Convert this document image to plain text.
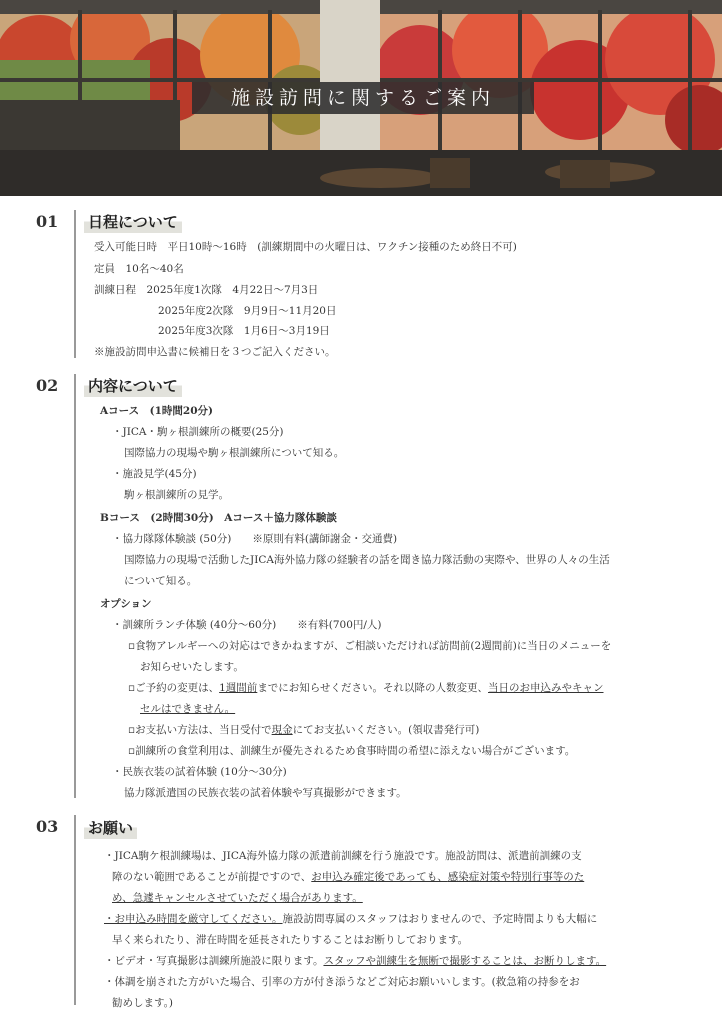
施設訪問に関するご案内
01 日程について
受入可能日時　平日10時～16時　(訓練期間中の火曜日は、ワクチン接種のため終日不可)
定員　10名～40名
訓練日程　2025年度1次隊　4月22日～7月3日
2025年度2次隊　9月9日～11月20日
2025年度3次隊　1月6日～3月19日
※施設訪問申込書に候補日を３つご記入ください。
02 内容について
Aコース　(1時間20分)
・JICA・駒ヶ根訓練所の概要(25分)
国際協力の現場や駒ヶ根訓練所について知る。
・施設見学(45分)
駒ヶ根訓練所の見学。
Bコース　(2時間30分)　Aコース＋協力隊体験談
・協力隊隊体験談 (50分)　　※原則有料(講師謝金・交通費)
国際協力の現場で活動したJICA海外協力隊の経験者の話を聞き協力隊活動の実際や、世界の人々の生活
について知る。
オプション
・訓練所ランチ体験 (40分～60分)　　※有料(700円/人)
▫食物アレルギーへの対応はできかねますが、ご相談いただければ訪問前(2週間前)に当日のメニューを
お知らせいたします。
▫ご予約の変更は、1週間前までにお知らせください。それ以降の人数変更、当日のお申込みやキャン
セルはできません。
▫お支払い方法は、当日受付で現金にてお支払いください。(領収書発行可)
▫訓練所の食堂利用は、訓練生が優先されるため食事時間の希望に添えない場合がございます。
・民族衣装の試着体験 (10分～30分)
協力隊派遣国の民族衣装の試着体験や写真撮影ができます。
03 お願い
・JICA駒ケ根訓練場は、JICA海外協力隊の派遣前訓練を行う施設です。施設訪問は、派遣前訓練の支
障のない範囲であることが前提ですので、お申込み確定後であっても、感染症対策や特別行事等のた
め、急遽キャンセルさせていただく場合があります。
・お申込み時間を厳守してください。施設訪問専属のスタッフはおりませんので、予定時間よりも大幅に
早く来られたり、滞在時間を延長されたりすることはお断りしております。
・ビデオ・写真撮影は訓練所施設に限ります。スタッフや訓練生を無断で撮影することは、お断りします。
・体調を崩された方がいた場合、引率の方が付き添うなどご対応お願いいします。(救急箱の持参をお
勧めします。)
